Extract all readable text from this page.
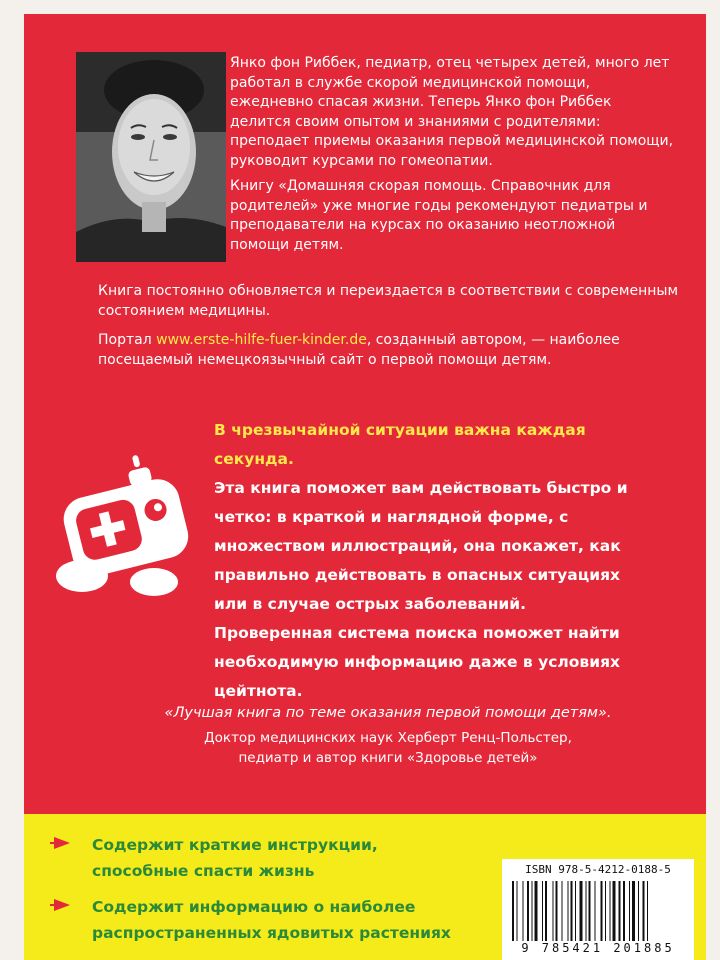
Янко фон Риббек, педиатр, отец четырех детей, много лет работал в службе скорой медицинской помощи, ежедневно спасая жизни. Теперь Янко фон Риббек делится своим опытом и знаниями с родителями: преподает приемы оказания первой медицинской помощи, руководит курсами по гомеопатии.

Книгу «Домашняя скорая помощь. Справочник для родителей» уже многие годы рекомендуют педиатры и преподаватели на курсах по оказанию неотложной помощи детям.

Книга постоянно обновляется и переиздается в соответствии с современным состоянием медицины.

Портал www.erste-hilfe-fuer-kinder.de, созданный автором, — наиболее посещаемый немецкоязычный сайт о первой помощи детям.

В чрезвычайной ситуации важна каждая секунда.
Эта книга поможет вам действовать быстро и четко: в краткой и наглядной форме, с множеством иллюстраций, она покажет, как правильно действовать в опасных ситуациях или в случае острых заболеваний. Проверенная система поиска поможет найти необходимую информацию даже в условиях цейтнота.
«Лучшая книга по теме оказания первой помощи детям».
Доктор медицинских наук Херберт Ренц-Польстер,
педиатр и автор книги «Здоровье детей»
Содержит краткие инструкции,
способные спасти жизнь
Содержит информацию о наиболее
распространенных ядовитых растениях
ISBN 978-5-4212-0188-5
9 785421 201885
